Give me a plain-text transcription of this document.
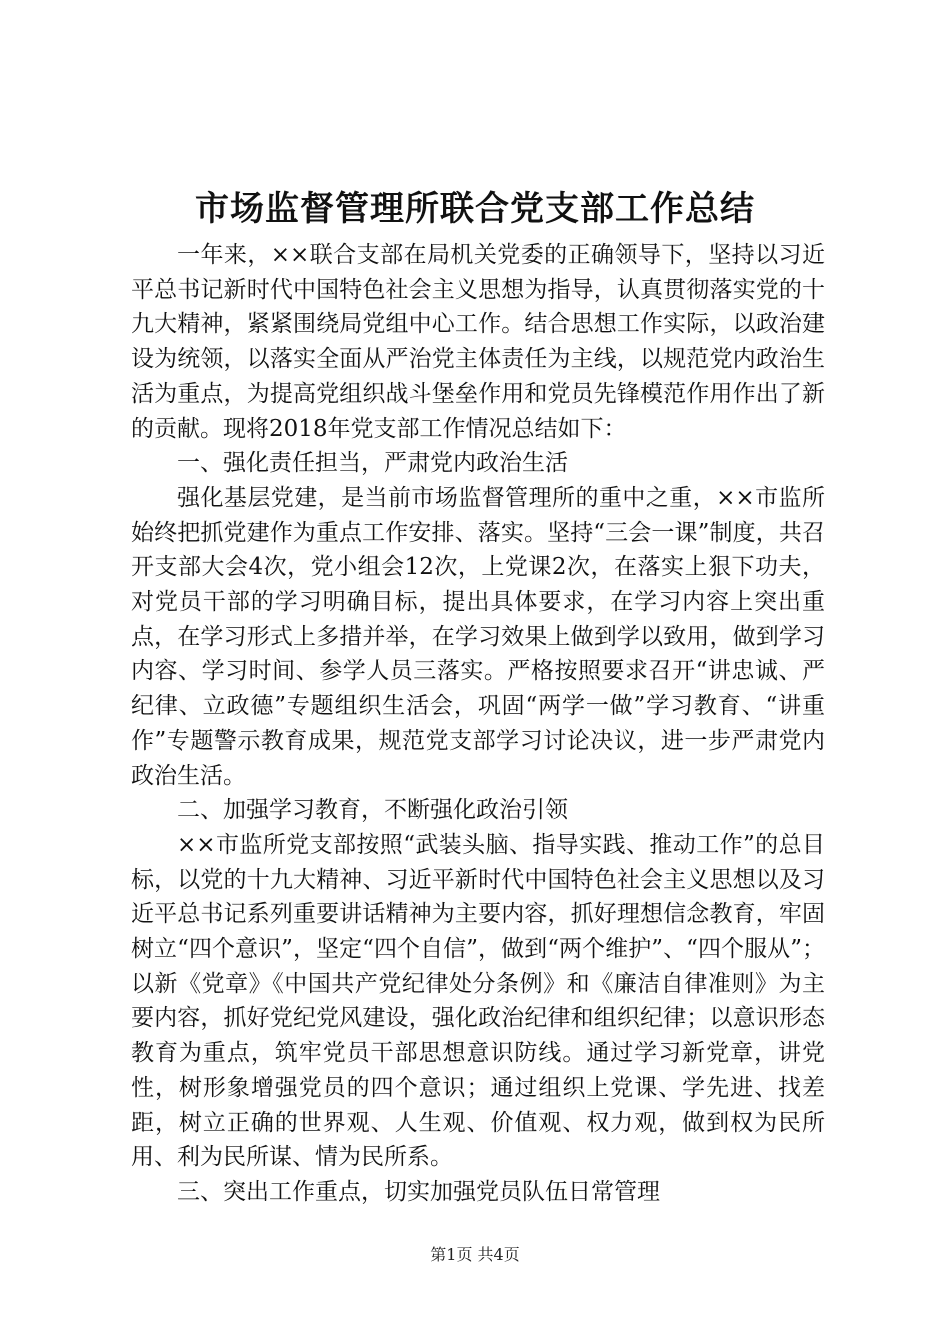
市场监督管理所联合党支部工作总结

一年来，××联合支部在局机关党委的正确领导下，坚持以习近平总书记新时代中国特色社会主义思想为指导，认真贯彻落实党的十九大精神，紧紧围绕局党组中心工作。结合思想工作实际，以政治建设为统领，以落实全面从严治党主体责任为主线，以规范党内政治生活为重点，为提高党组织战斗堡垒作用和党员先锋模范作用作出了新的贡献。现将2018年党支部工作情况总结如下：

一、强化责任担当，严肃党内政治生活

强化基层党建，是当前市场监督管理所的重中之重，××市监所始终把抓党建作为重点工作安排、落实。坚持“三会一课”制度，共召开支部大会4次，党小组会12次，上党课2次，在落实上狠下功夫，对党员干部的学习明确目标，提出具体要求，在学习内容上突出重点，在学习形式上多措并举，在学习效果上做到学以致用，做到学习内容、学习时间、参学人员三落实。严格按照要求召开“讲忠诚、严纪律、立政德”专题组织生活会，巩固“两学一做”学习教育、“讲重作”专题警示教育成果，规范党支部学习讨论决议，进一步严肃党内政治生活。

二、加强学习教育，不断强化政治引领

××市监所党支部按照“武装头脑、指导实践、推动工作”的总目标，以党的十九大精神、习近平新时代中国特色社会主义思想以及习近平总书记系列重要讲话精神为主要内容，抓好理想信念教育，牢固树立“四个意识”，坚定“四个自信”，做到“两个维护”、“四个服从”；以新《党章》《中国共产党纪律处分条例》和《廉洁自律准则》为主要内容，抓好党纪党风建设，强化政治纪律和组织纪律；以意识形态教育为重点，筑牢党员干部思想意识防线。通过学习新党章，讲党性，树形象增强党员的四个意识；通过组织上党课、学先进、找差距，树立正确的世界观、人生观、价值观、权力观，做到权为民所用、利为民所谋、情为民所系。

三、突出工作重点，切实加强党员队伍日常管理

第1页 共4页
